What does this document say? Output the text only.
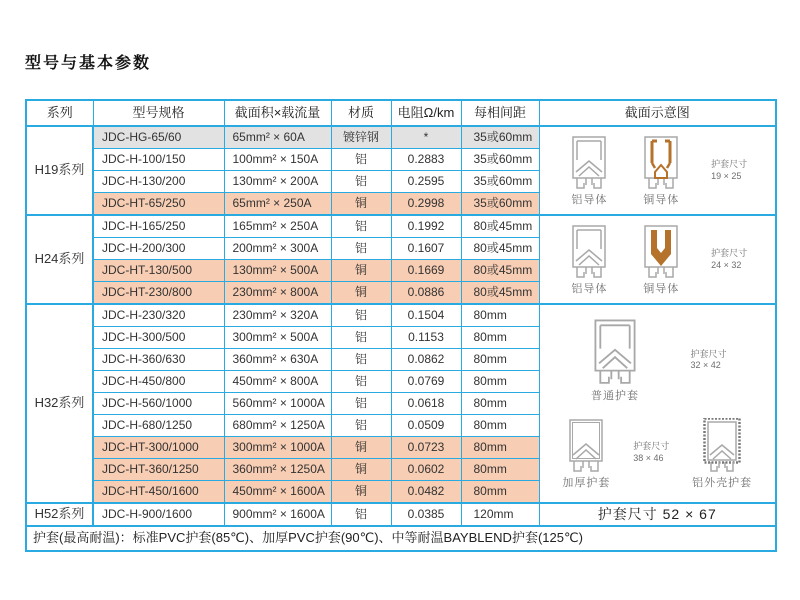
型号与基本参数
系列	型号规格	截面积×载流量	材质	电阻Ω/km	每相间距	截面示意图
H19系列	JDC-HG-65/60	65mm² × 60A	镀锌钢	*	35或60mm	铝导体 铜导体
护套尺寸
19 × 25

	JDC-H-100/150	100mm² × 150A	铝	0.2883	35或60mm	
	JDC-H-130/200	130mm² × 200A	铝	0.2595	35或60mm	
	JDC-HT-65/250	65mm² × 250A	铜	0.2998	35或60mm	
H24系列	JDC-H-165/250	165mm² × 250A	铝	0.1992	80或45mm	铝导体 铜导体
护套尺寸
24 × 32

	JDC-H-200/300	200mm² × 300A	铝	0.1607	80或45mm	
	JDC-HT-130/500	130mm² × 500A	铜	0.1669	80或45mm	
	JDC-HT-230/800	230mm² × 800A	铜	0.0886	80或45mm	
H32系列	JDC-H-230/320	230mm² × 320A	铝	0.1504	80mm	
普通护套
护套尺寸
32 × 42
加厚护套
护套尺寸
38 × 46
铝外壳护套

	JDC-H-300/500	300mm² × 500A	铝	0.1153	80mm	
	JDC-H-360/630	360mm² × 630A	铝	0.0862	80mm	
	JDC-H-450/800	450mm² × 800A	铝	0.0769	80mm	
	JDC-H-560/1000	560mm² × 1000A	铝	0.0618	80mm	
	JDC-H-680/1250	680mm² × 1250A	铝	0.0509	80mm	
	JDC-HT-300/1000	300mm² × 1000A	铜	0.0723	80mm	
	JDC-HT-360/1250	360mm² × 1250A	铜	0.0602	80mm	
	JDC-HT-450/1600	450mm² × 1600A	铜	0.0482	80mm	
H52系列	JDC-H-900/1600	900mm² × 1600A	铝	0.0385	120mm	护套尺寸 52 × 67
护套(最高耐温)：标准PVC护套(85℃)、加厚PVC护套(90℃)、中等耐温BAYBLEND护套(125℃)						
